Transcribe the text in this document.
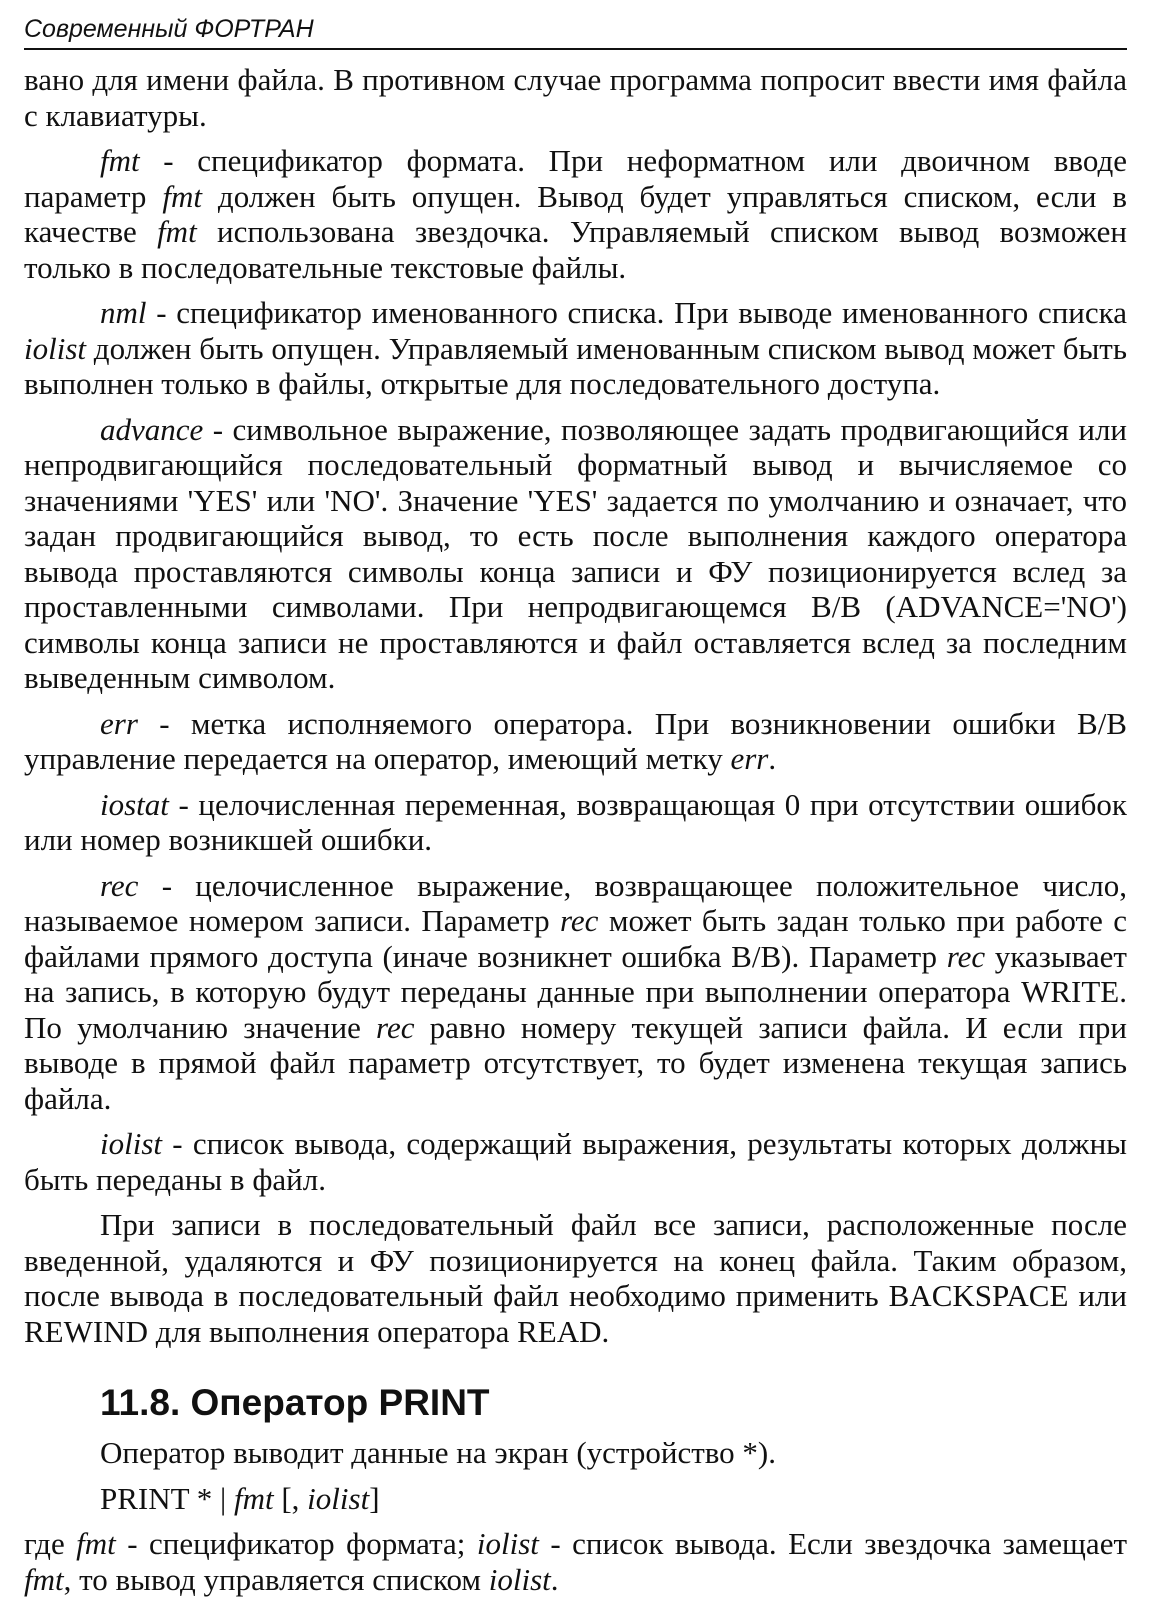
Современный ФОРТРАН

вано для имени файла. В противном случае программа попросит ввести имя файла с клавиатуры.

fmt - спецификатор формата. При неформатном или двоичном вводе параметр fmt должен быть опущен. Вывод будет управляться списком, если в качестве fmt использована звездочка. Управляемый списком вывод возможен только в последовательные текстовые файлы.

nml - спецификатор именованного списка. При выводе именованного списка iolist должен быть опущен. Управляемый именованным списком вывод может быть выполнен только в файлы, открытые для последовательного доступа.

advance - символьное выражение, позволяющее задать продвигающийся или непродвигающийся последовательный форматный вывод и вычисляемое со значениями 'YES' или 'NO'. Значение 'YES' задается по умолчанию и означает, что задан продвигающийся вывод, то есть после выполнения каждого оператора вывода проставляются символы конца записи и ФУ позиционируется вслед за проставленными символами. При непродвигающемся В/В (ADVANCE='NO') символы конца записи не проставляются и файл оставляется вслед за последним выведенным символом.

err - метка исполняемого оператора. При возникновении ошибки В/В управление передается на оператор, имеющий метку err.

iostat - целочисленная переменная, возвращающая 0 при отсутствии ошибок или номер возникшей ошибки.

rec - целочисленное выражение, возвращающее положительное число, называемое номером записи. Параметр rec может быть задан только при работе с файлами прямого доступа (иначе возникнет ошибка В/В). Параметр rec указывает на запись, в которую будут переданы данные при выполнении оператора WRITE. По умолчанию значение rec равно номеру текущей записи файла. И если при выводе в прямой файл параметр отсутствует, то будет изменена текущая запись файла.

iolist - список вывода, содержащий выражения, результаты которых должны быть переданы в файл.

При записи в последовательный файл все записи, расположенные после введенной, удаляются и ФУ позиционируется на конец файла. Таким образом, после вывода в последовательный файл необходимо применить BACKSPACE или REWIND для выполнения оператора READ.

11.8. Оператор PRINT

Оператор выводит данные на экран (устройство *).

PRINT * | fmt [, iolist]

где fmt - спецификатор формата; iolist - список вывода. Если звездочка замещает fmt, то вывод управляется списком iolist.
